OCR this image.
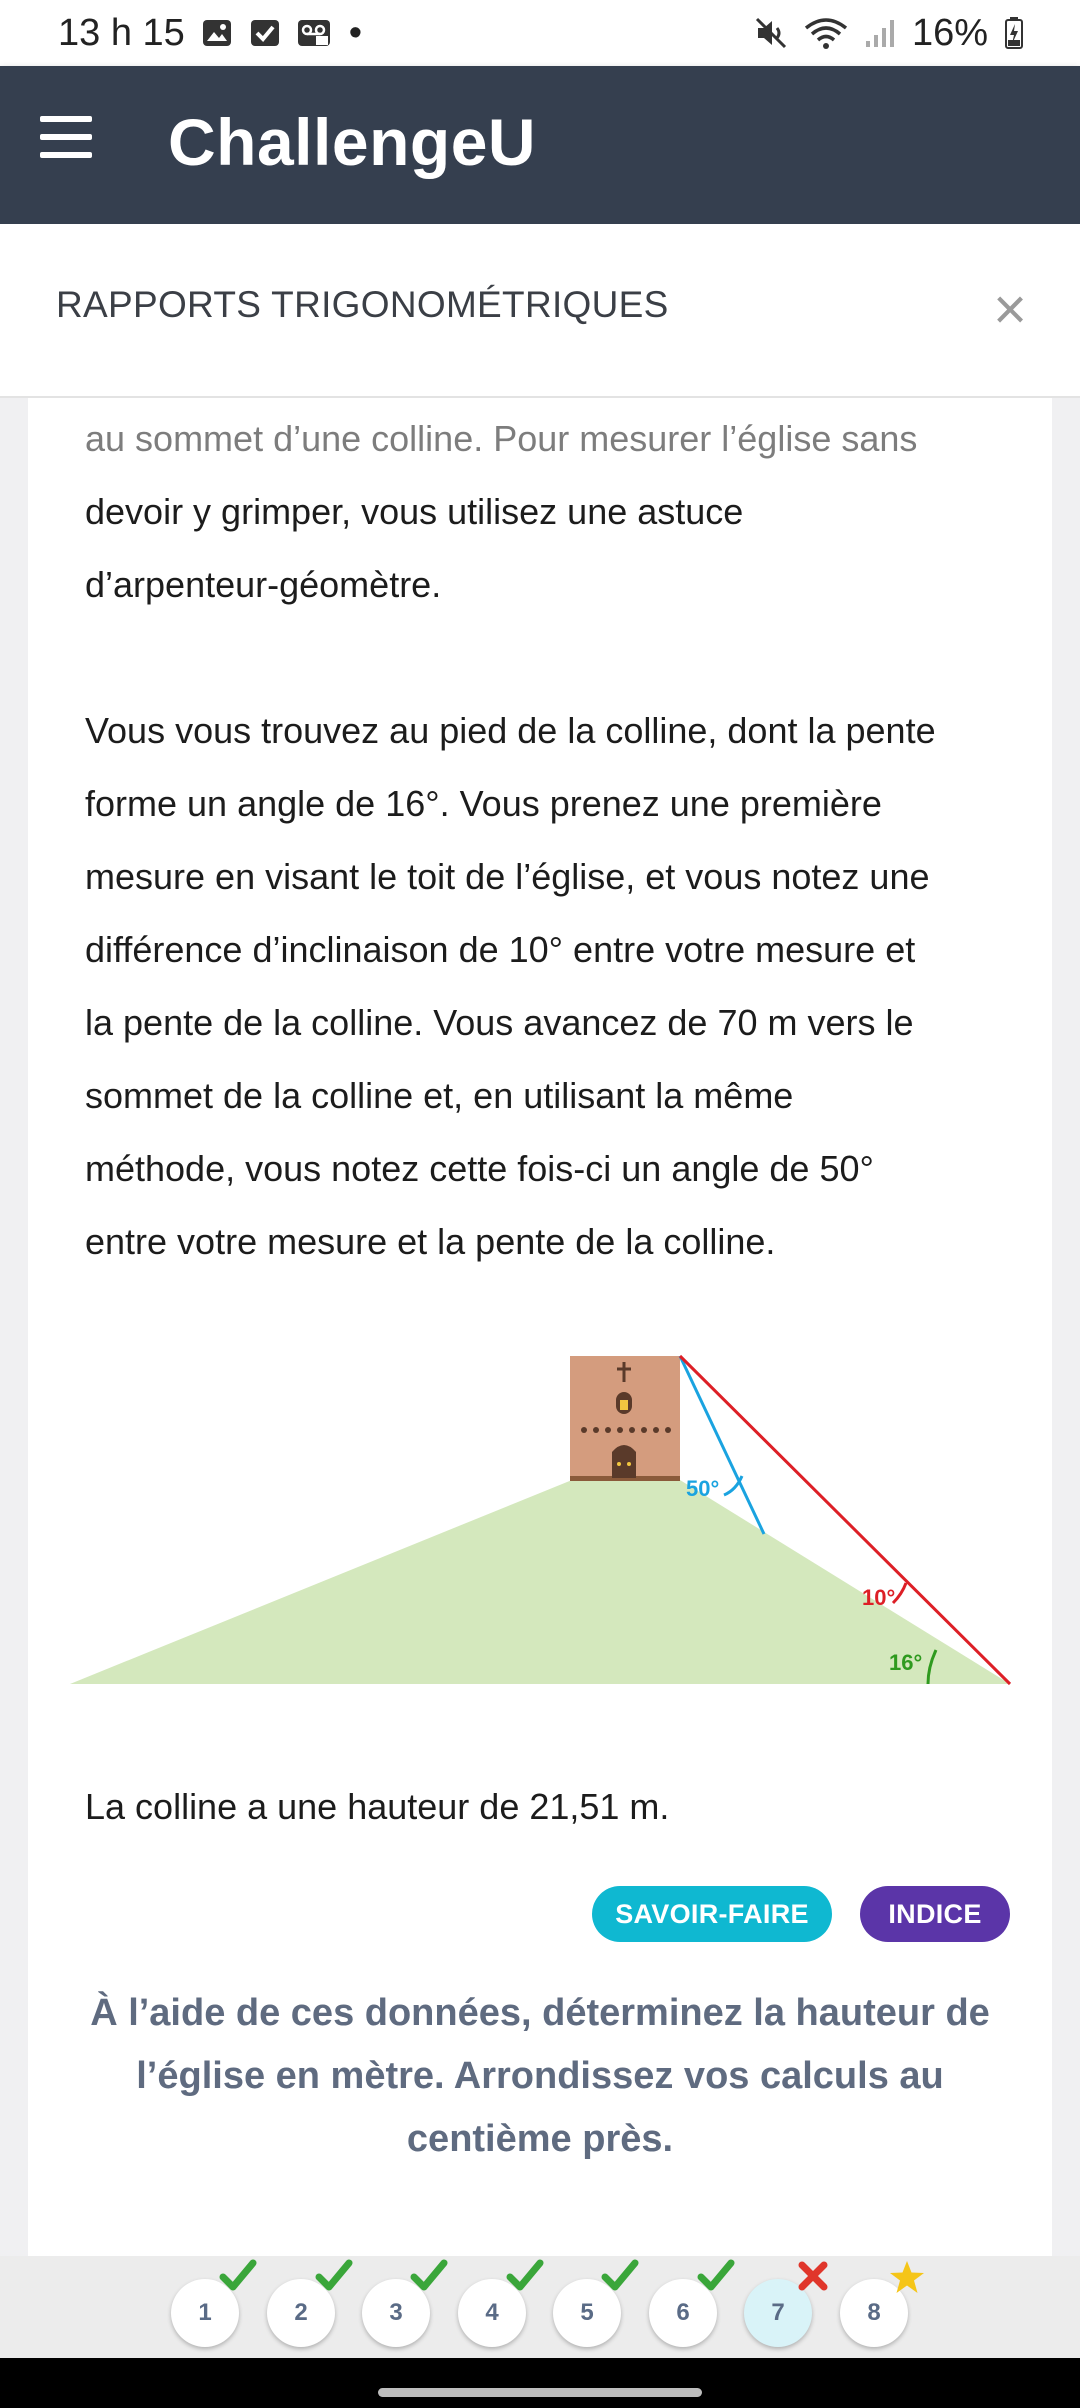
13 h 15	•	16%
ChallengeU
RAPPORTS TRIGONOMÉTRIQUES	×

au sommet d’une colline. Pour mesurer l’église sans

devoir y grimper, vous utilisez une astuce

d’arpenteur-géomètre.

Vous vous trouvez au pied de la colline, dont la pente

forme un angle de 16°. Vous prenez une première

mesure en visant le toit de l’église, et vous notez une

différence d’inclinaison de 10° entre votre mesure et

la pente de la colline. Vous avancez de 70 m vers le

sommet de la colline et, en utilisant la même

méthode, vous notez cette fois-ci un angle de 50°

entre votre mesure et la pente de la colline.

50°
10°
16°

La colline a une hauteur de 21,51 m.

SAVOIR-FAIRE	INDICE
À l’aide de ces données, déterminez la hauteur de l’église en mètre. Arrondissez vos calculs au centième près.
1	2	3	4	5	6	7	8
